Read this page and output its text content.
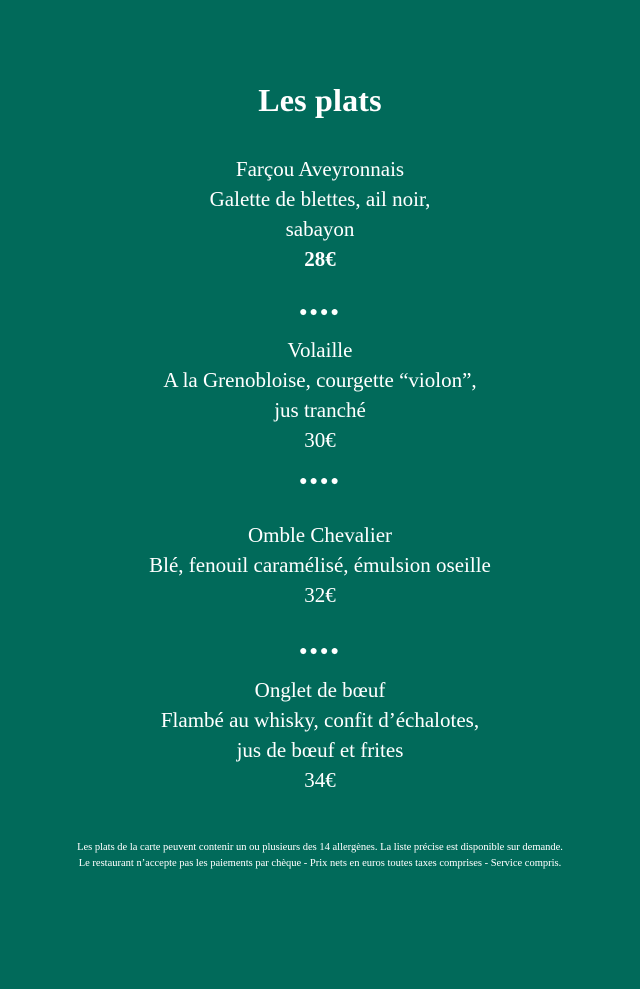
Les plats
Farçou Aveyronnais
Galette de blettes, ail noir,
sabayon
28€
●●●●
Volaille
A la Grenobloise, courgette “violon”,
jus tranché
30€
●●●●
Omble Chevalier
Blé, fenouil caramélisé, émulsion oseille
32€
●●●●
Onglet de bœuf
Flambé au whisky, confit d’échalotes,
jus de bœuf et frites
34€
Les plats de la carte peuvent contenir un ou plusieurs des 14 allergènes. La liste précise est disponible sur demande.
Le restaurant n’accepte pas les paiements par chèque - Prix nets en euros toutes taxes comprises - Service compris.
